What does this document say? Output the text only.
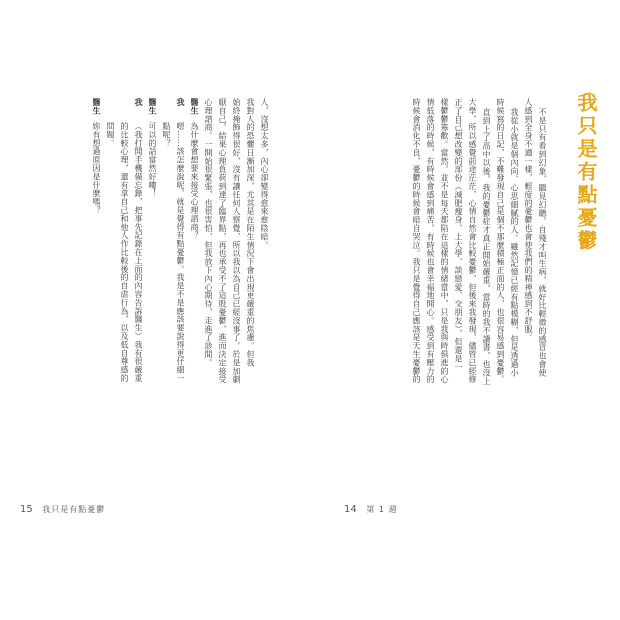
我只是有點憂鬱
不是只有看到幻象，聽見幻聽，自殘才叫生病，就好比輕微的感冒也會使
人感到全身不適一樣，輕度的憂鬱也會使我們的精神感到不舒服。
我從小就是個內向、心思細膩的人。雖然記憶已經有點模糊，但是透過小
時候寫的日記，不難發現自己是個不那麼積極正面的人，也很容易感到憂鬱。
直到上了高中以後，我的憂鬱症才真正開始嚴重，當時的我不讀書，也沒上
大學，所以感覺前途茫茫，心情自然會比較憂鬱，但後來我發現，儘管已經修
正了自己想改變的部份（減肥瘦身、上大學、談戀愛、交朋友），但還是一
樣鬱鬱寡歡。當然，並不是每天都陷在這樣的情緒當中，只是我與時俱進的心
情低落的時候，有時候會感到痛苦，有時候也會幸福地開心。感受到有壓力的
時候會消化不良，憂鬱的時候會暗自哭泣。我只是覺得自己應該是天生憂鬱的
14 第 1 週
人，沒想太多，內心卻變得愈來愈陰暗。
我對人的恐懼日漸加深，尤其是在陌生情況下會出現更嚴重的焦慮。但我
始終掩飾得很好，沒有讓任何人察覺，所以我以為自己已經沒事了。於是加劇
厭自己，結果心理負荷到達了臨界點，再也承受不了這股憂鬱，進而決定接受
心理諮商。一開始很緊張，也很害怕，但我放下內心期待，走進了診間。
醫生
為什麼會想要來接受心理諮商？
我
嗯……該怎麼說呢，就是覺得有點憂鬱。我是不是應該要說得更仔細一
點呢？
醫生
可以的話當然好嘍！
我
（我打開手機備忘錄，把事先記錄在上面的內容告訴醫生）我有很嚴重
的比較心理，還有拿自己和他人作比較後的自虐行為，以及低自尊感的
問題。
醫生
妳有想過原因是什麼嗎？
15 我只是有點憂鬱
